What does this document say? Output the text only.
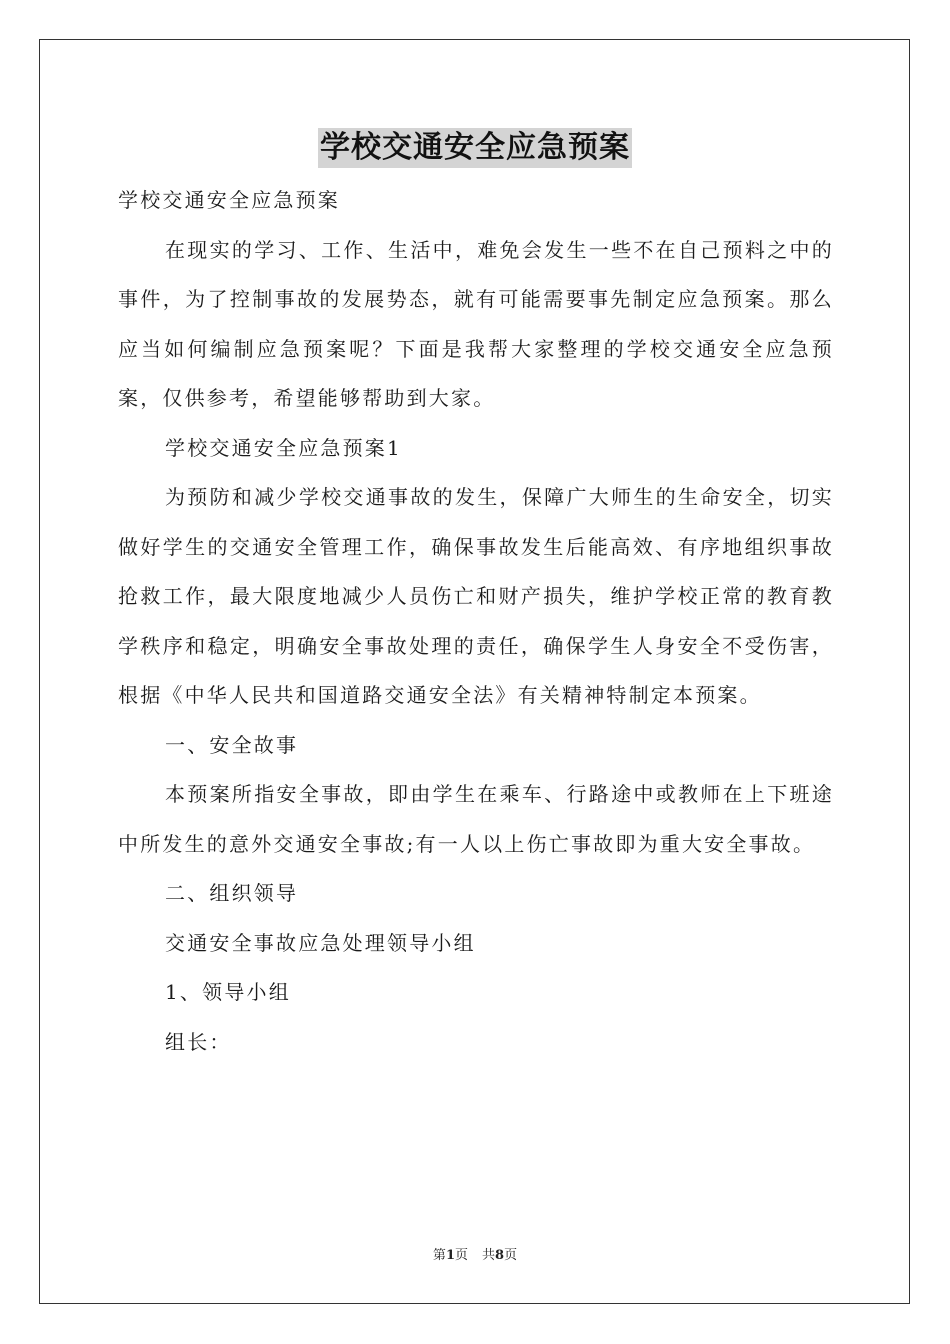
学校交通安全应急预案

学校交通安全应急预案

在现实的学习、工作、生活中，难免会发生一些不在自己预料之中的事件，为了控制事故的发展势态，就有可能需要事先制定应急预案。那么应当如何编制应急预案呢？下面是我帮大家整理的学校交通安全应急预案，仅供参考，希望能够帮助到大家。

学校交通安全应急预案1

为预防和减少学校交通事故的发生，保障广大师生的生命安全，切实做好学生的交通安全管理工作，确保事故发生后能高效、有序地组织事故抢救工作，最大限度地减少人员伤亡和财产损失，维护学校正常的教育教学秩序和稳定，明确安全事故处理的责任，确保学生人身安全不受伤害，根据《中华人民共和国道路交通安全法》有关精神特制定本预案。

一、安全故事

本预案所指安全事故，即由学生在乘车、行路途中或教师在上下班途中所发生的意外交通安全事故;有一人以上伤亡事故即为重大安全事故。

二、组织领导

交通安全事故应急处理领导小组

1、领导小组

组长：

第1页 共8页
